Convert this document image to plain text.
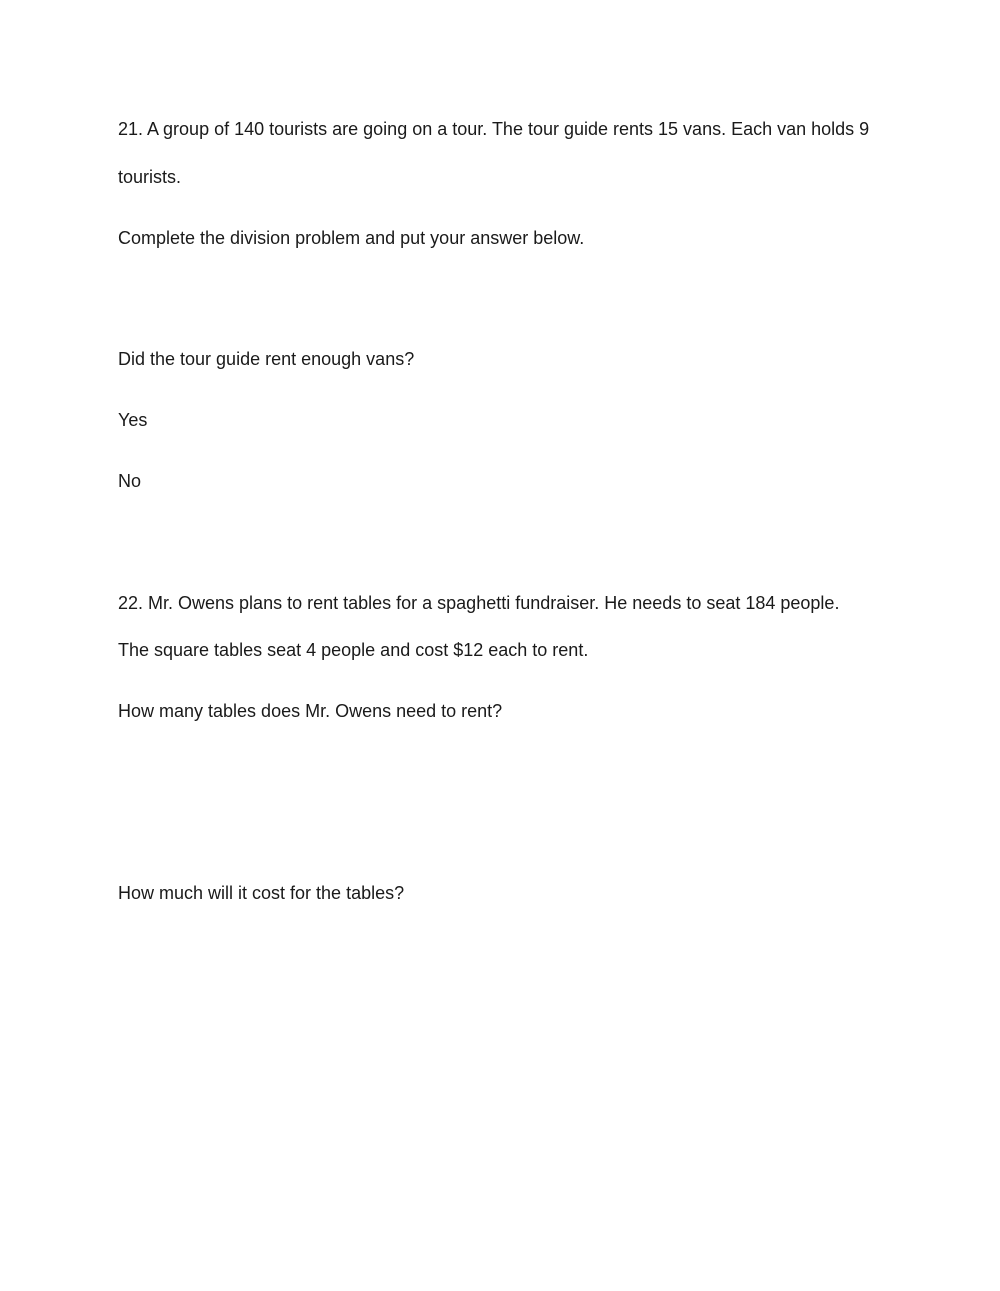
21. A group of 140 tourists are going on a tour. The tour guide rents 15 vans. Each van holds 9
tourists.
Complete the division problem and put your answer below.
Did the tour guide rent enough vans?
Yes
No
22. Mr. Owens plans to rent tables for a spaghetti fundraiser. He needs to seat 184 people.
The square tables seat 4 people and cost $12 each to rent.
How many tables does Mr. Owens need to rent?
How much will it cost for the tables?
